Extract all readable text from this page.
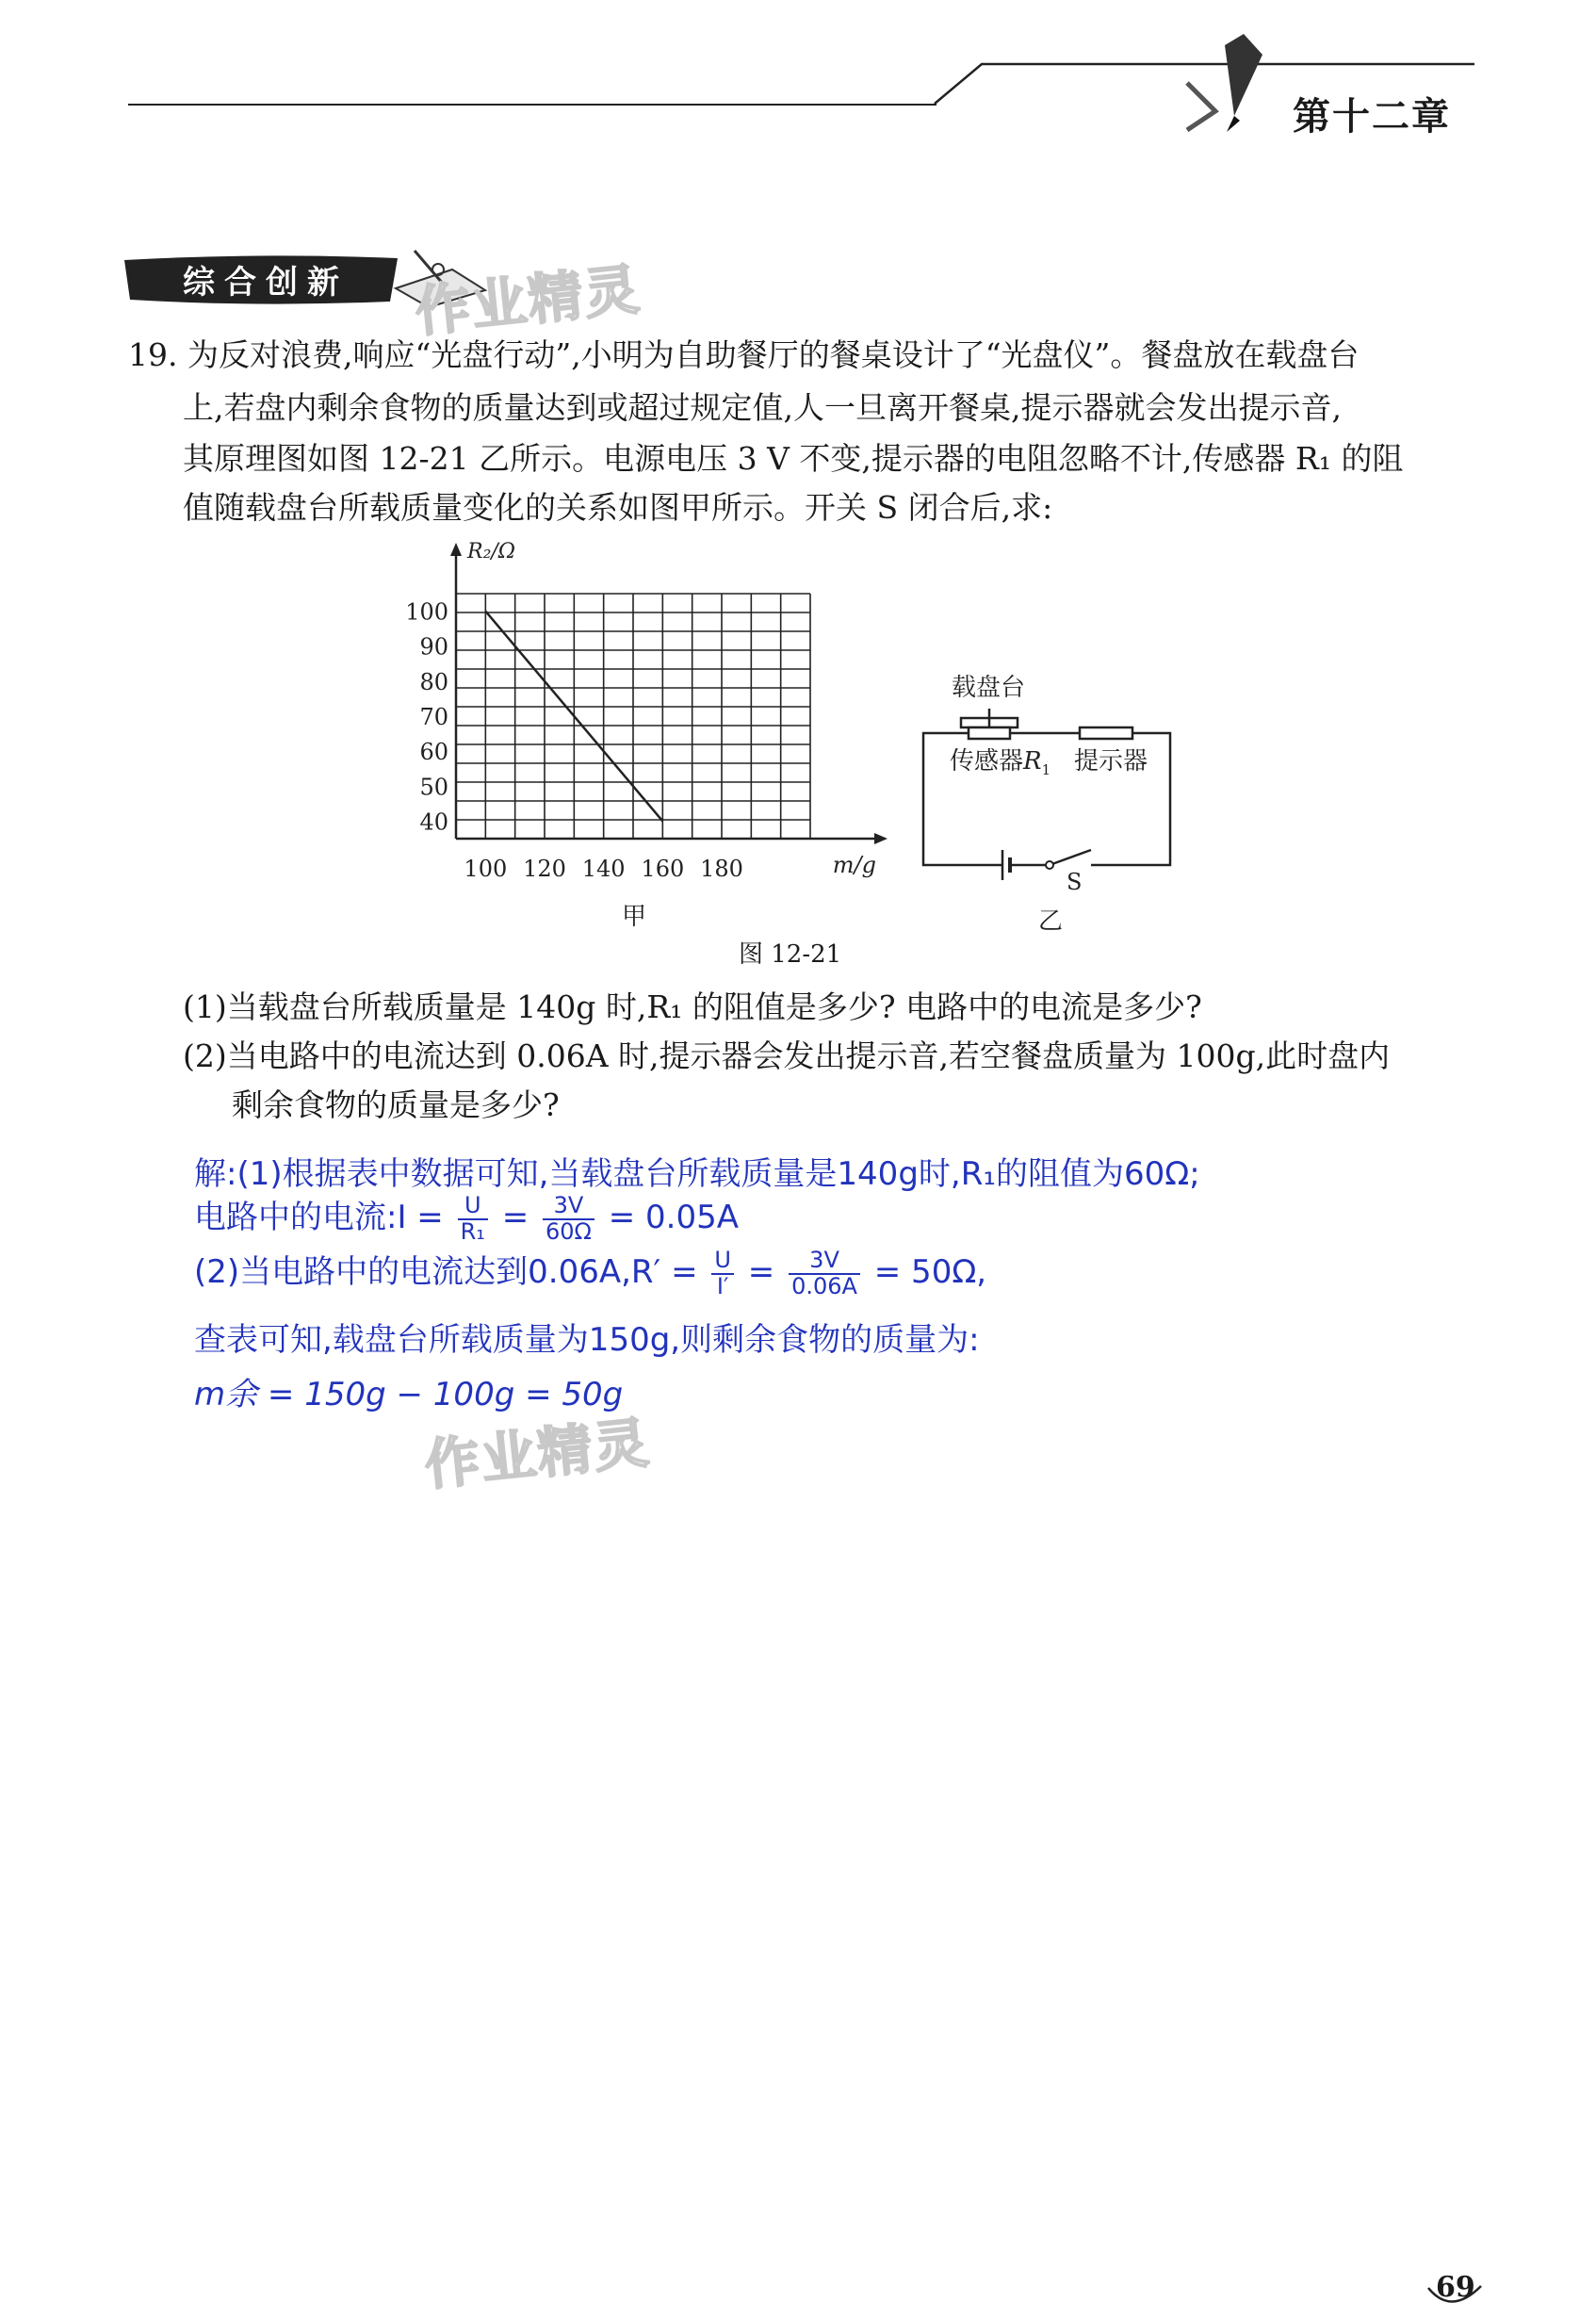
第十二章
综合创新 作业精灵
19. 为反对浪费,响应“光盘行动”,小明为自助餐厅的餐桌设计了“光盘仪”。餐盘放在载盘台
上,若盘内剩余食物的质量达到或超过规定值,人一旦离开餐桌,提示器就会发出提示音,
其原理图如图 12-21 乙所示。电源电压 3 V 不变,提示器的电阻忽略不计,传感器 R₁ 的阻
值随载盘台所载质量变化的关系如图甲所示。开关 S 闭合后,求:
100
90
80
70
60
50
40
100 120 140 160 180
R₂/Ω
m/g
载盘台
传感器$R_1$ 提示器
S
乙
甲
图 12-21
(1)当载盘台所载质量是 140g 时,R₁ 的阻值是多少? 电路中的电流是多少?
(2)当电路中的电流达到 0.06A 时,提示器会发出提示音,若空餐盘质量为 100g,此时盘内
剩余食物的质量是多少?
解:(1)根据表中数据可知,当载盘台所载质量是140g时,R₁的阻值为60Ω;
电路中的电流:I = $\frac{U}{\text{R₁}} = \frac{3V}{60\Omega} = 0.05A$
(2)当电路中的电流达到$0.06A,R' = \frac{U}{I'} = \frac{3V}{0.06A} = 50\Omega$,
查表可知,载盘台所载质量为150g,则剩余食物的质量为:
m余 = 150g − 100g = 50g
作业精灵
69
